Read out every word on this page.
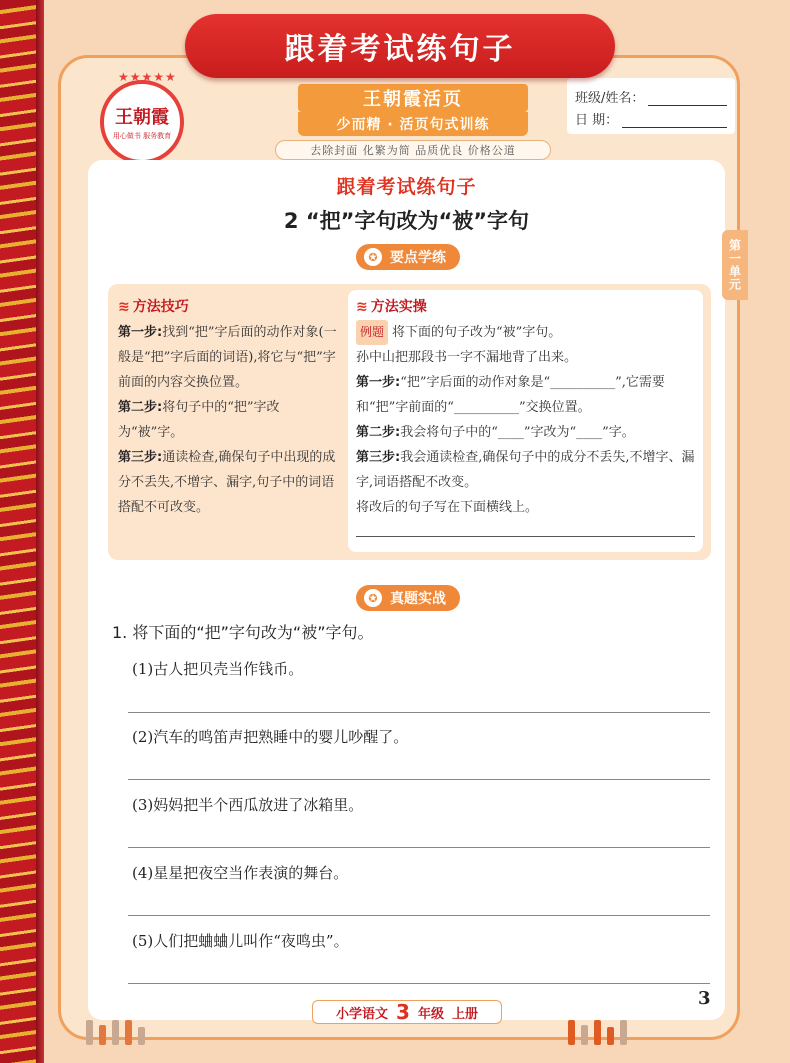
跟着考试练句子
★★★★★
王朝霞
用心做书 服务教育
王朝霞活页
少而精 · 活页句式训练
去除封面 化繁为简 品质优良 价格公道
班级/姓名：
日 期：
第一单元
跟着考试练句子
2 “把”字句改为“被”字句
✪ 要点学练
≋ 方法技巧
第一步:找到“把”字后面的动作对象(一般是“把”字后面的词语),将它与“把”字前面的内容交换位置。
第二步:将句子中的“把”字改为“被”字。
第三步:通读检查,确保句子中出现的成分不丢失,不增字、漏字,句子中的词语搭配不可改变。
≋ 方法实操
例题 将下面的句子改为“被”字句。
孙中山把那段书一字不漏地背了出来。
第一步:“把”字后面的动作对象是“__________”,它需要和“把”字前面的“__________”交换位置。
第二步:我会将句子中的“____”字改为“____”字。
第三步:我会通读检查,确保句子中的成分不丢失,不增字、漏字,词语搭配不改变。
将改后的句子写在下面横线上。
✪ 真题实战
1. 将下面的“把”字句改为“被”字句。
(1)古人把贝壳当作钱币。
(2)汽车的鸣笛声把熟睡中的婴儿吵醒了。
(3)妈妈把半个西瓜放进了冰箱里。
(4)星星把夜空当作表演的舞台。
(5)人们把蛐蛐儿叫作“夜鸣虫”。
小学语文 3 年级 上册
3
